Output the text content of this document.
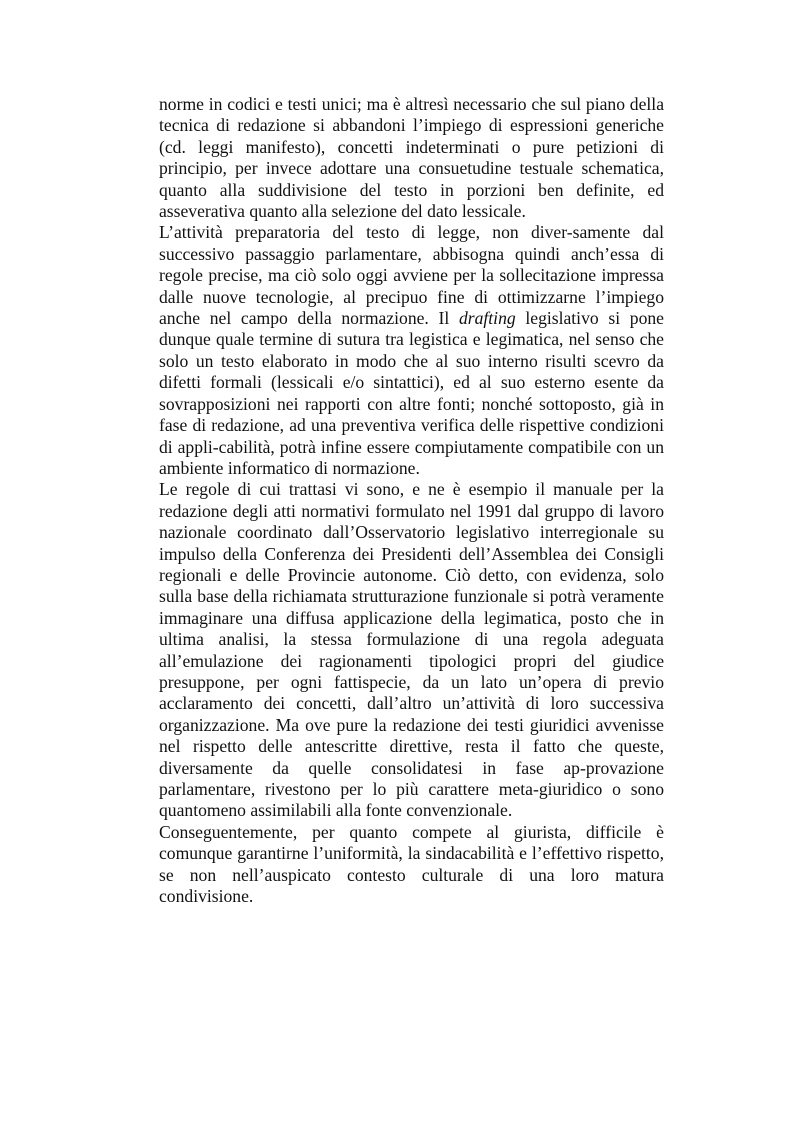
norme in codici e testi unici; ma è altresì necessario che sul piano della tecnica di redazione si abbandoni l’impiego di espressioni generiche (cd. leggi manifesto), concetti indeterminati o pure petizioni di principio, per invece adottare una consuetudine testuale schematica, quanto alla suddivisione del testo in porzioni ben definite, ed asseverativa quanto alla selezione del dato lessicale.

L’attività preparatoria del testo di legge, non diver-samente dal successivo passaggio parlamentare, abbisogna quindi anch’essa di regole precise, ma ciò solo oggi avviene per la sollecitazione impressa dalle nuove tecnologie, al precipuo fine di ottimizzarne l’impiego anche nel campo della normazione. Il drafting legislativo si pone dunque quale termine di sutura tra legistica e legimatica, nel senso che solo un testo elaborato in modo che al suo interno risulti scevro da difetti formali (lessicali e/o sintattici), ed al suo esterno esente da sovrapposizioni nei rapporti con altre fonti; nonché sottoposto, già in fase di redazione, ad una preventiva verifica delle rispettive condizioni di appli-cabilità, potrà infine essere compiutamente compatibile con un ambiente informatico di normazione.

Le regole di cui trattasi vi sono, e ne è esempio il manuale per la redazione degli atti normativi formulato nel 1991 dal gruppo di lavoro nazionale coordinato dall’Osservatorio legislativo interregionale su impulso della Conferenza dei Presidenti dell’Assemblea dei Consigli regionali e delle Provincie autonome. Ciò detto, con evidenza, solo sulla base della richiamata strutturazione funzionale si potrà veramente immaginare una diffusa applicazione della legimatica, posto che in ultima analisi, la stessa formulazione di una regola adeguata all’emulazione dei ragionamenti tipologici propri del giudice presuppone, per ogni fattispecie, da un lato un’opera di previo acclaramento dei concetti, dall’altro un’attività di loro successiva organizzazione. Ma ove pure la redazione dei testi giuridici avvenisse nel rispetto delle antescritte direttive, resta il fatto che queste, diversamente da quelle consolidatesi in fase ap-provazione parlamentare, rivestono per lo più carattere meta-giuridico o sono quantomeno assimilabili alla fonte convenzionale.

Conseguentemente, per quanto compete al giurista, difficile è comunque garantirne l’uniformità, la sindacabilità e l’effettivo rispetto, se non nell’auspicato contesto culturale di una loro matura condivisione.
